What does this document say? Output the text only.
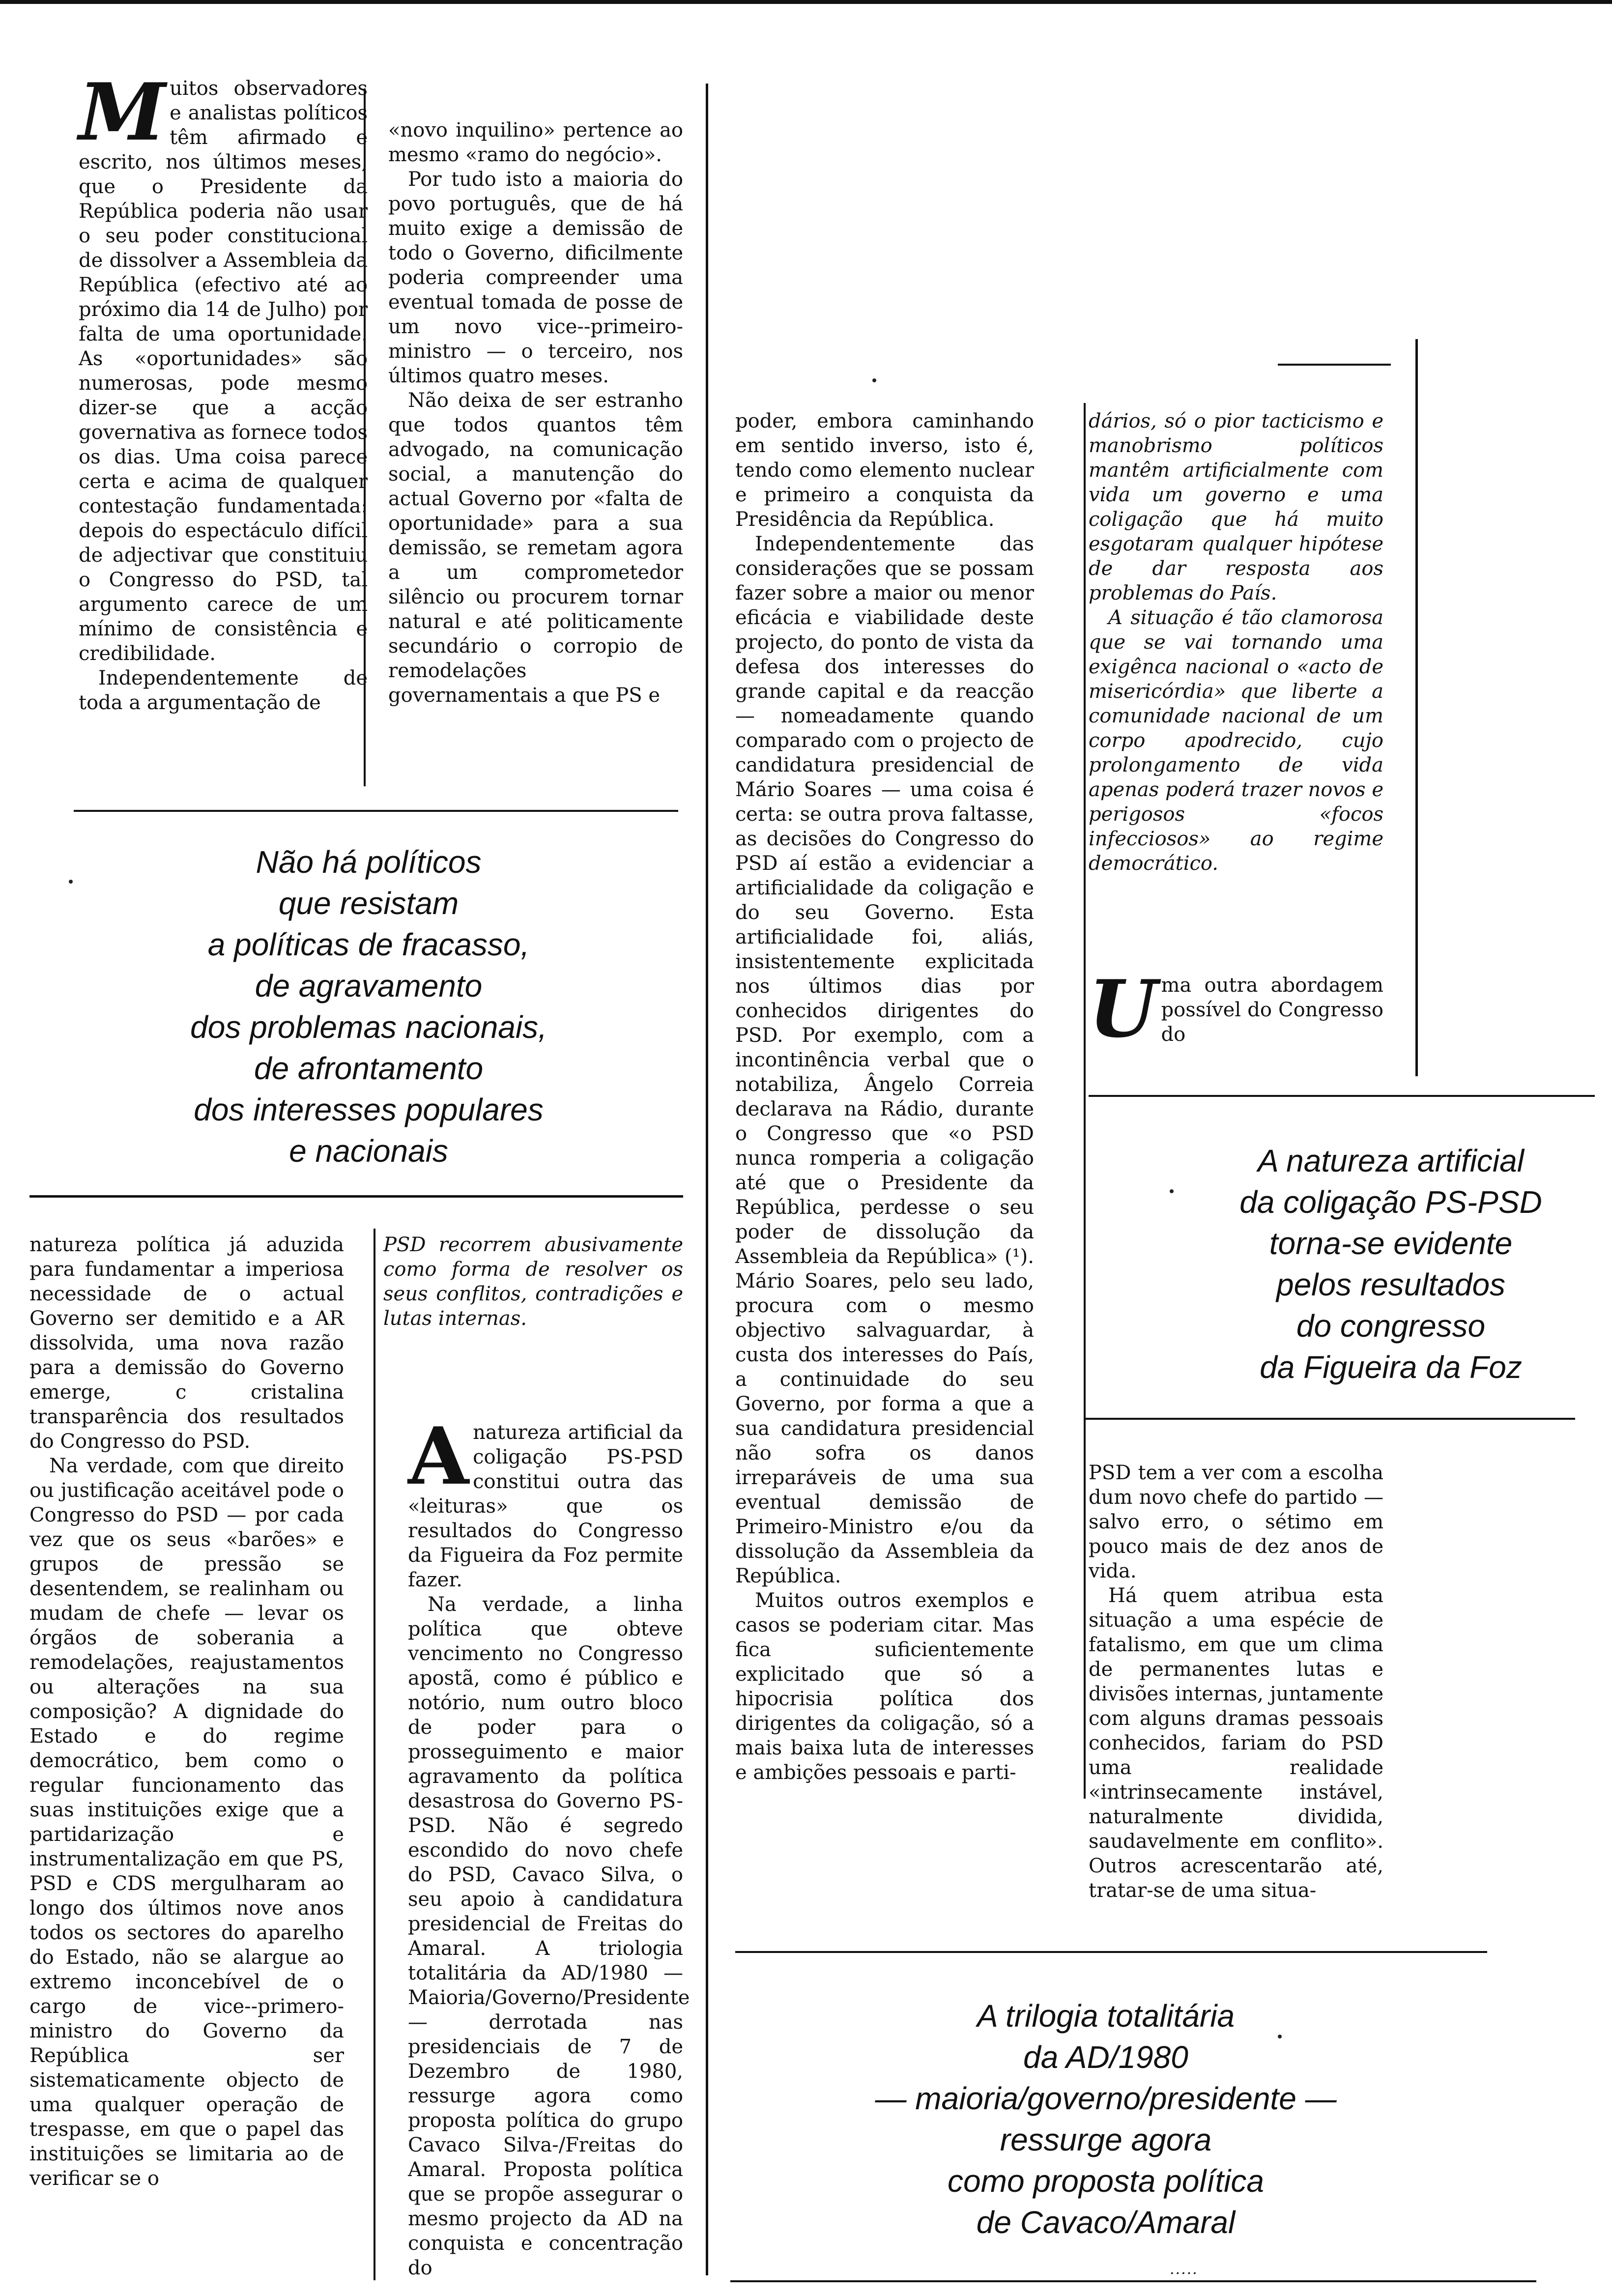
M uitos observadores e analistas políticos têm afirmado e escrito, nos últimos meses, que o Presidente da República poderia não usar o seu poder constitucional de dissolver a Assembleia da República (efectivo até ao próximo dia 14 de Julho) por falta de uma oportunidade. As «oportunidades» são numerosas, pode mesmo dizer-se que a acção governativa as fornece todos os dias. Uma coisa parece certa e acima de qualquer contestação fundamentada: depois do espectáculo difícil de adjectivar que constituiu o Congresso do PSD, tal argumento carece de um mínimo de consistência e credibilidade.

Independentemente de toda a argumentação de

«novo inquilino» pertence ao mesmo «ramo do negócio».

Por tudo isto a maioria do povo português, que de há muito exige a demissão de todo o Governo, dificilmente poderia compreender uma eventual tomada de posse de um novo vice--primeiro-ministro — o terceiro, nos últimos quatro meses.

Não deixa de ser estranho que todos quantos têm advogado, na comunicação social, a manutenção do actual Governo por «falta de oportunidade» para a sua demissão, se remetam agora a um comprometedor silêncio ou procurem tornar natural e até politicamente secundário o corropio de remodelações governamentais a que PS e

Não há políticos
que resistam
a políticas de fracasso,
de agravamento
dos problemas nacionais,
de afrontamento
dos interesses populares
e nacionais

natureza política já aduzida para fundamentar a imperiosa necessidade de o actual Governo ser demitido e a AR dissolvida, uma nova razão para a demissão do Governo emerge, c cristalina transparência dos resultados do Congresso do PSD.

Na verdade, com que direito ou justificação aceitável pode o Congresso do PSD — por cada vez que os seus «barões» e grupos de pressão se desentendem, se realinham ou mudam de chefe — levar os órgãos de soberania a remodelações, reajustamentos ou alterações na sua composição? A dignidade do Estado e do regime democrático, bem como o regular funcionamento das suas instituições exige que a partidarização e instrumentalização em que PS, PSD e CDS mergulharam ao longo dos últimos nove anos todos os sectores do aparelho do Estado, não se alargue ao extremo inconcebível de o cargo de vice--primero-ministro do Governo da República ser sistematicamente objecto de uma qualquer operação de trespasse, em que o papel das instituições se limitaria ao de verificar se o

PSD recorrem abusivamente como forma de resolver os seus conflitos, contradições e lutas internas.

A natureza artificial da coligação PS-PSD constitui outra das «leituras» que os resultados do Congresso da Figueira da Foz permite fazer.

Na verdade, a linha política que obteve vencimento no Congresso apostã, como é público e notório, num outro bloco de poder para o prosseguimento e maior agravamento da política desastrosa do Governo PS-PSD. Não é segredo escondido do novo chefe do PSD, Cavaco Silva, o seu apoio à candidatura presidencial de Freitas do Amaral. A triologia totalitária da AD/1980 — Maioria/Governo/Presidente — derrotada nas presidenciais de 7 de Dezembro de 1980, ressurge agora como proposta política do grupo Cavaco Silva-/Freitas do Amaral. Proposta política que se propõe assegurar o mesmo projecto da AD na conquista e concentração do

poder, embora caminhando em sentido inverso, isto é, tendo como elemento nuclear e primeiro a conquista da Presidência da República.

Independentemente das considerações que se possam fazer sobre a maior ou menor eficácia e viabilidade deste projecto, do ponto de vista da defesa dos interesses do grande capital e da reacção — nomeadamente quando comparado com o projecto de candidatura presidencial de Mário Soares — uma coisa é certa: se outra prova faltasse, as decisões do Congresso do PSD aí estão a evidenciar a artificialidade da coligação e do seu Governo. Esta artificialidade foi, aliás, insistentemente explicitada nos últimos dias por conhecidos dirigentes do PSD. Por exemplo, com a incontinência verbal que o notabiliza, Ângelo Correia declarava na Rádio, durante o Congresso que «o PSD nunca romperia a coligação até que o Presidente da República, perdesse o seu poder de dissolução da Assembleia da República» (¹). Mário Soares, pelo seu lado, procura com o mesmo objectivo salvaguardar, à custa dos interesses do País, a continuidade do seu Governo, por forma a que a sua candidatura presidencial não sofra os danos irreparáveis de uma sua eventual demissão de Primeiro-Ministro e/ou da dissolução da Assembleia da República.

Muitos outros exemplos e casos se poderiam citar. Mas fica suficientemente explicitado que só a hipocrisia política dos dirigentes da coligação, só a mais baixa luta de interesses e ambições pessoais e parti-

dários, só o pior tacticismo e manobrismo políticos mantêm artificialmente com vida um governo e uma coligação que há muito esgotaram qualquer hipótese de dar resposta aos problemas do País.

A situação é tão clamorosa que se vai tornando uma exigênca nacional o «acto de misericórdia» que liberte a comunidade nacional de um corpo apodrecido, cujo prolongamento de vida apenas poderá trazer novos e perigosos «focos infecciosos» ao regime democrático.

U ma outra abordagem possível do Congresso do

A natureza artificial
da coligação PS-PSD
torna-se evidente
pelos resultados
do congresso
da Figueira da Foz

PSD tem a ver com a escolha dum novo chefe do partido — salvo erro, o sétimo em pouco mais de dez anos de vida.

Há quem atribua esta situação a uma espécie de fatalismo, em que um clima de permanentes lutas e divisões internas, juntamente com alguns dramas pessoais conhecidos, fariam do PSD uma realidade «intrinsecamente instável, naturalmente dividida, saudavelmente em conflito». Outros acrescentarão até, tratar-se de uma situa-

A trilogia totalitária
da AD/1980
— maioria/governo/presidente —
ressurge agora
como proposta política
de Cavaco/Amaral
.....
